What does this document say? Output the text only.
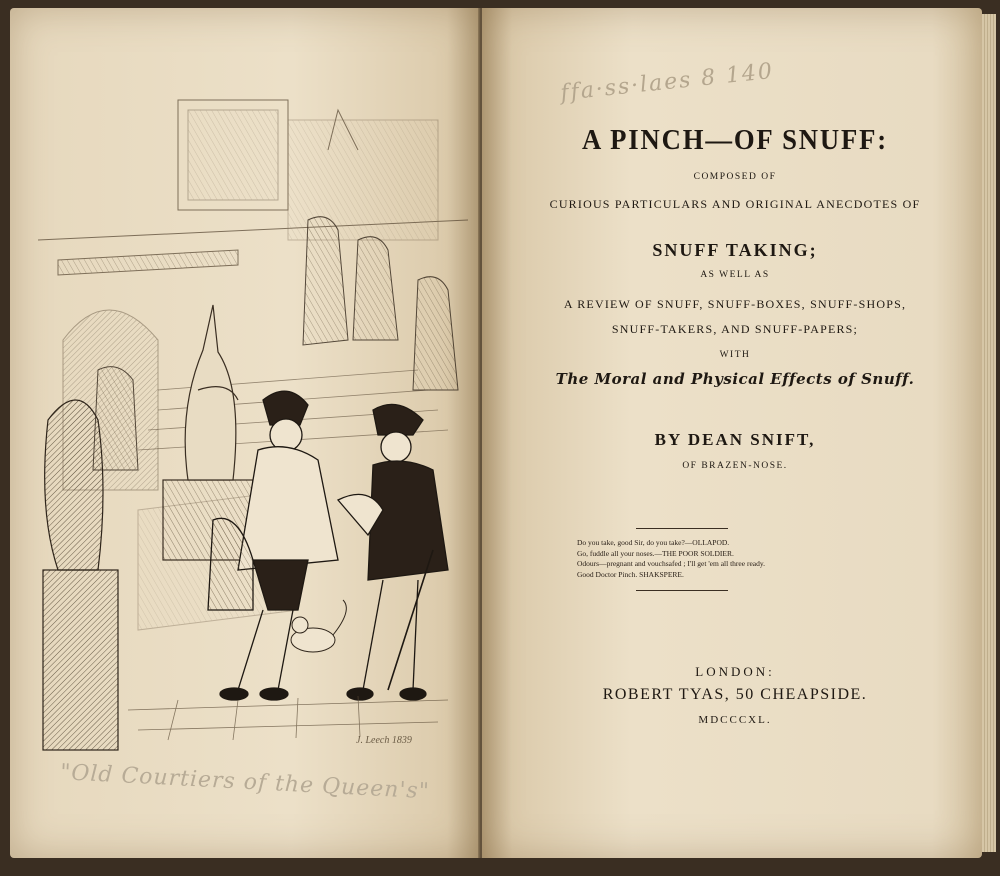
J. Leech 1839
"Old Courtiers of the Queen's"
ffa·ss·laes 8 140
A PINCH—OF SNUFF:
COMPOSED OF
CURIOUS PARTICULARS AND ORIGINAL ANECDOTES OF
SNUFF TAKING;
AS WELL AS
A REVIEW OF SNUFF, SNUFF-BOXES, SNUFF-SHOPS,
SNUFF-TAKERS, AND SNUFF-PAPERS;
WITH
The Moral and Physical Effects of Snuff.
BY DEAN SNIFT,
OF BRAZEN-NOSE.
Do you take, good Sir, do you take?—OLLAPOD.
Go, fuddle all your noses.—THE POOR SOLDIER.
Odours—pregnant and vouchsafed ; I'll get 'em all three ready.
Good Doctor Pinch. SHAKSPERE.
LONDON:
ROBERT TYAS, 50 CHEAPSIDE.
MDCCCXL.
